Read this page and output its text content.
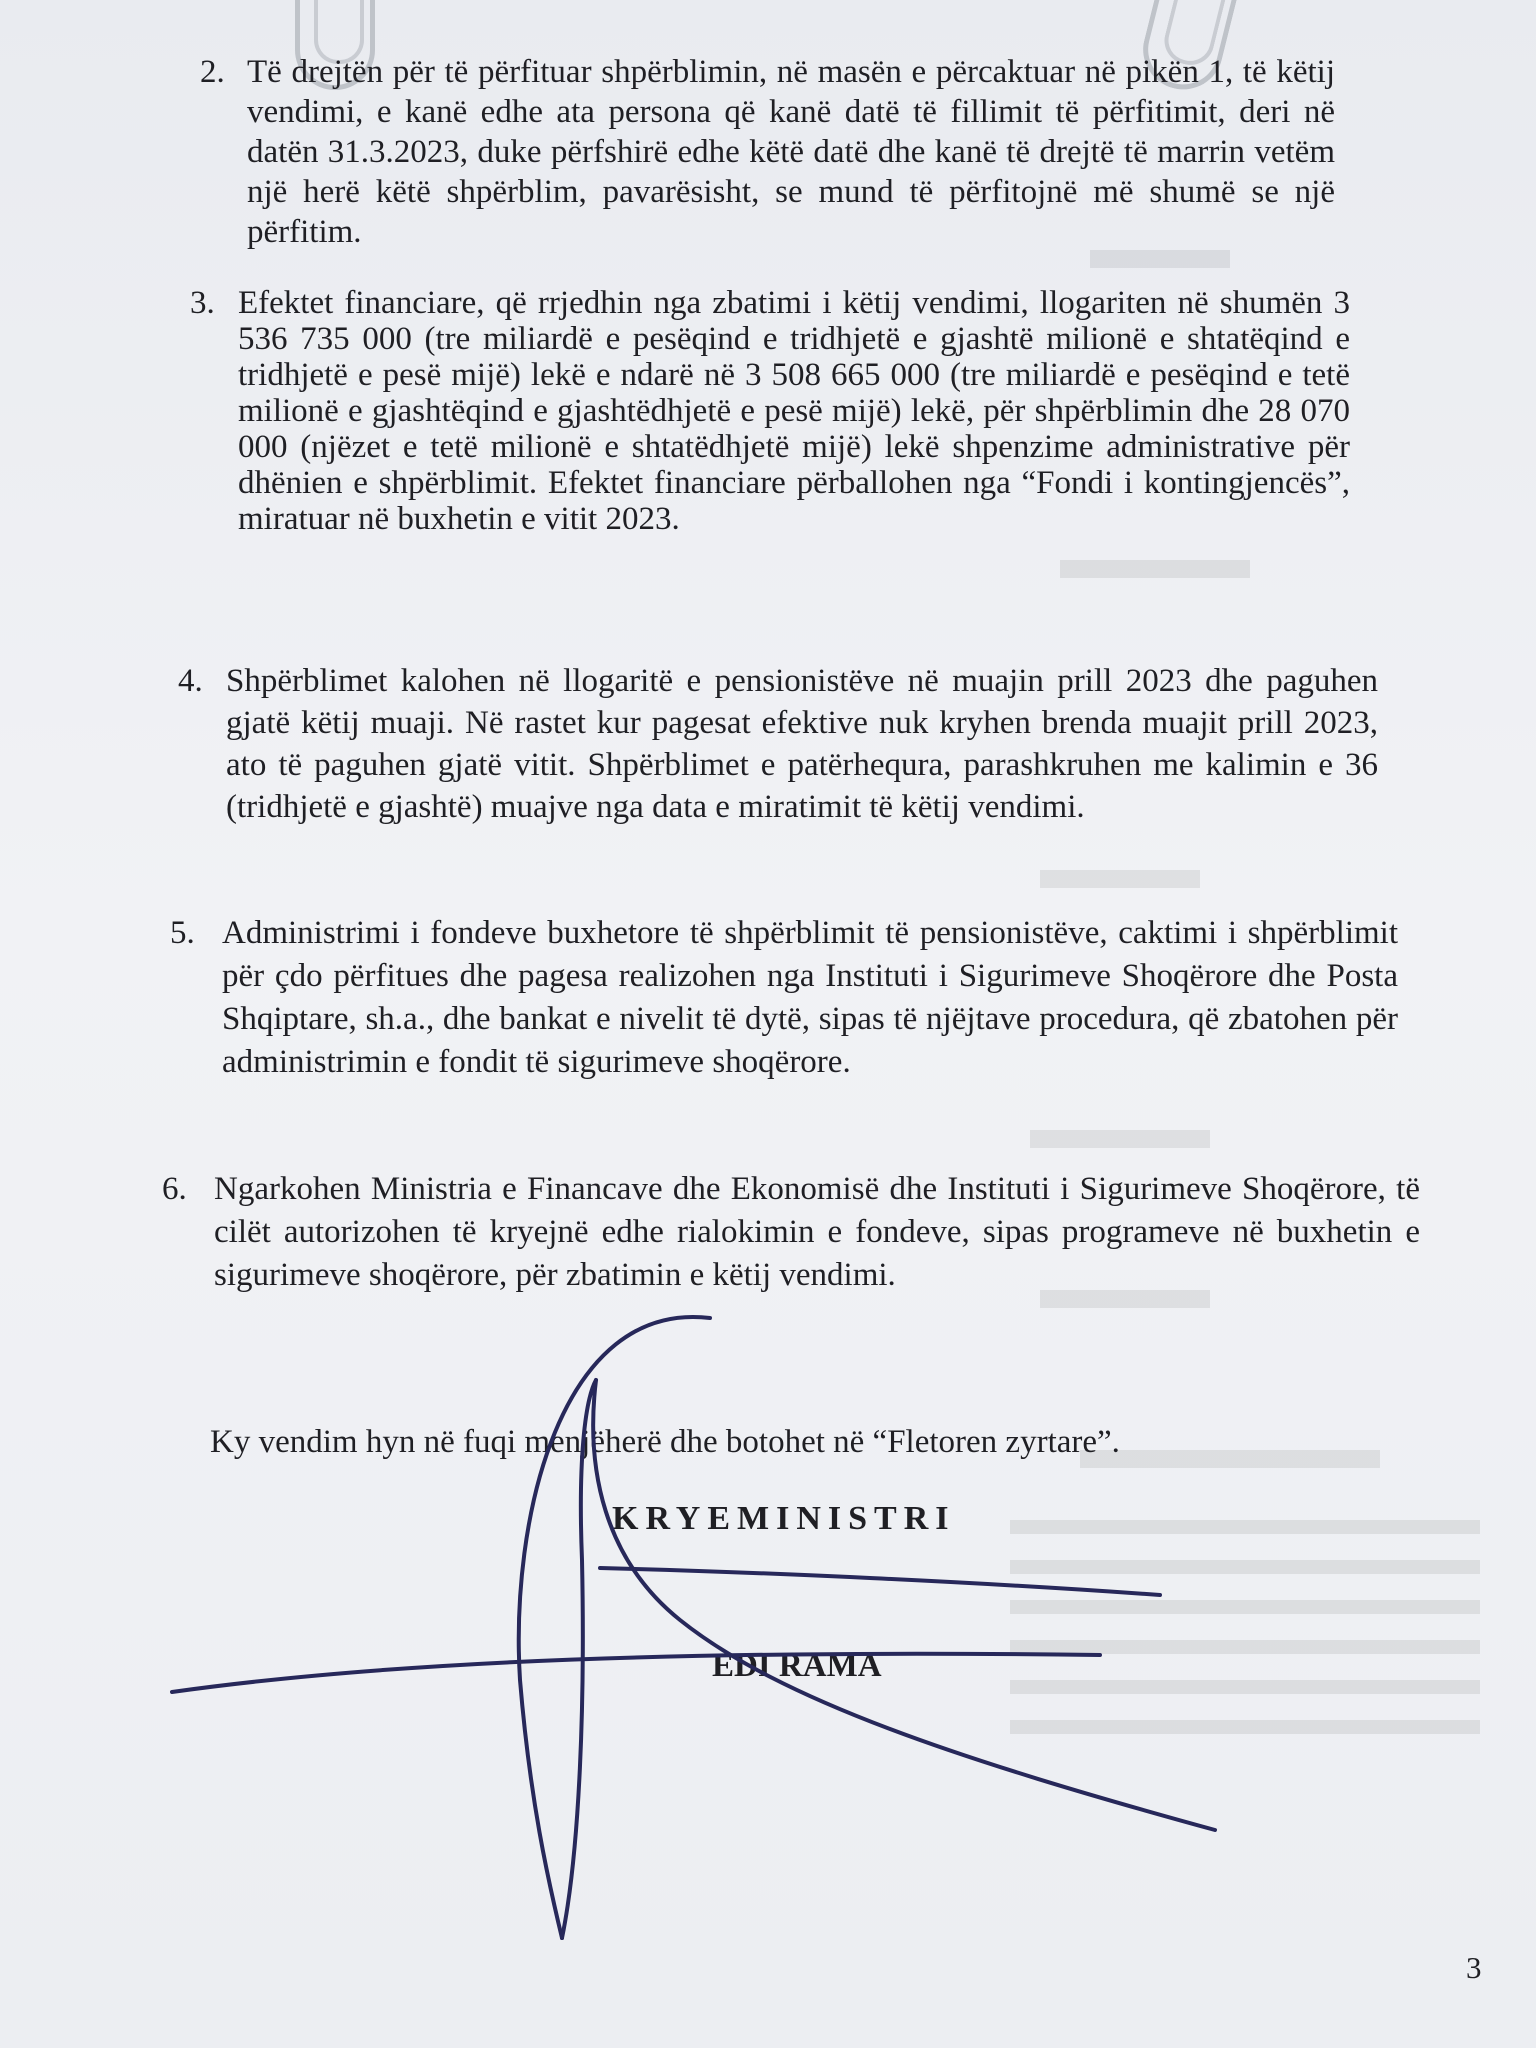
2. Të drejtën për të përfituar shpërblimin, në masën e përcaktuar në pikën 1, të këtij vendimi, e kanë edhe ata persona që kanë datë të fillimit të përfitimit, deri në datën 31.3.2023, duke përfshirë edhe këtë datë dhe kanë të drejtë të marrin vetëm një herë këtë shpërblim, pavarësisht, se mund të përfitojnë më shumë se një përfitim.
3. Efektet financiare, që rrjedhin nga zbatimi i këtij vendimi, llogariten në shumën 3 536 735 000 (tre miliardë e pesëqind e tridhjetë e gjashtë milionë e shtatëqind e tridhjetë e pesë mijë) lekë e ndarë në 3 508 665 000 (tre miliardë e pesëqind e tetë milionë e gjashtëqind e gjashtëdhjetë e pesë mijë) lekë, për shpërblimin dhe 28 070 000 (njëzet e tetë milionë e shtatëdhjetë mijë) lekë shpenzime administrative për dhënien e shpërblimit. Efektet financiare përballohen nga “Fondi i kontingjencës”, miratuar në buxhetin e vitit 2023.
4. Shpërblimet kalohen në llogaritë e pensionistëve në muajin prill 2023 dhe paguhen gjatë këtij muaji. Në rastet kur pagesat efektive nuk kryhen brenda muajit prill 2023, ato të paguhen gjatë vitit. Shpërblimet e patërhequra, parashkruhen me kalimin e 36 (tridhjetë e gjashtë) muajve nga data e miratimit të këtij vendimi.
5. Administrimi i fondeve buxhetore të shpërblimit të pensionistëve, caktimi i shpërblimit për çdo përfitues dhe pagesa realizohen nga Instituti i Sigurimeve Shoqërore dhe Posta Shqiptare, sh.a., dhe bankat e nivelit të dytë, sipas të njëjtave procedura, që zbatohen për administrimin e fondit të sigurimeve shoqërore.
6. Ngarkohen Ministria e Financave dhe Ekonomisë dhe Instituti i Sigurimeve Shoqërore, të cilët autorizohen të kryejnë edhe rialokimin e fondeve, sipas programeve në buxhetin e sigurimeve shoqërore, për zbatimin e këtij vendimi.
Ky vendim hyn në fuqi menjëherë dhe botohet në “Fletoren zyrtare”.
KRYEMINISTRI
EDI RAMA
3
